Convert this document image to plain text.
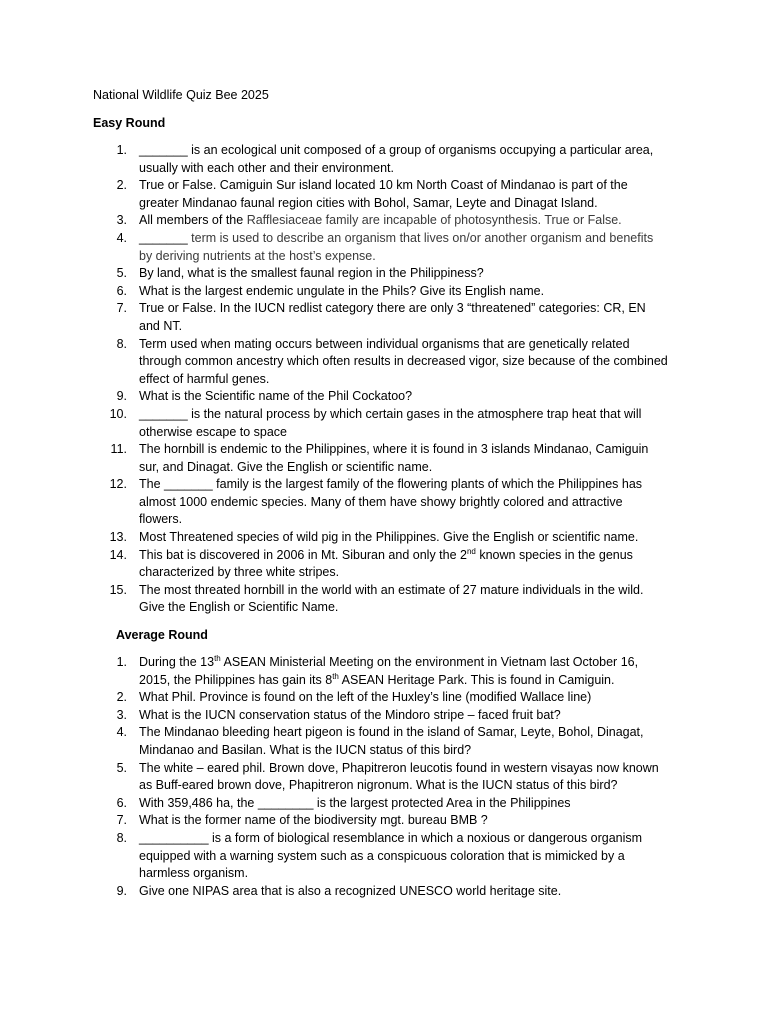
National Wildlife Quiz Bee 2025
Easy Round
1. _______ is an ecological unit composed of a group of organisms occupying a particular area, usually with each other and their environment.
2. True or False. Camiguin Sur island located 10 km North Coast of Mindanao is part of the greater Mindanao faunal region cities with Bohol, Samar, Leyte and Dinagat Island.
3. All members of the Rafflesiaceae family are incapable of photosynthesis. True or False.
4. _______ term is used to describe an organism that lives on/or another organism and benefits by deriving nutrients at the host’s expense.
5. By land, what is the smallest faunal region in the Philippiness?
6. What is the largest endemic ungulate in the Phils? Give its English name.
7. True or False. In the IUCN redlist category there are only 3 “threatened” categories: CR, EN and NT.
8. Term used when mating occurs between individual organisms that are genetically related through common ancestry which often results in decreased vigor, size because of the combined effect of harmful genes.
9. What is the Scientific name of the Phil Cockatoo?
10. _______ is the natural process by which certain gases in the atmosphere trap heat that will otherwise escape to space
11. The hornbill is endemic to the Philippines, where it is found in 3 islands Mindanao, Camiguin sur, and Dinagat. Give the English or scientific name.
12. The _______ family is the largest family of the flowering plants of which the Philippines has almost 1000 endemic species. Many of them have showy brightly colored and attractive flowers.
13. Most Threatened species of wild pig in the Philippines. Give the English or scientific name.
14. This bat is discovered in 2006 in Mt. Siburan and only the 2nd known species in the genus characterized by three white stripes.
15. The most threated hornbill in the world with an estimate of 27 mature individuals in the wild. Give the English or Scientific Name.
Average Round
1. During the 13th ASEAN Ministerial Meeting on the environment in Vietnam last October 16, 2015, the Philippines has gain its 8th ASEAN Heritage Park. This is found in Camiguin.
2. What Phil. Province is found on the left of the Huxley’s line (modified Wallace line)
3. What is the IUCN conservation status of the Mindoro stripe – faced fruit bat?
4. The Mindanao bleeding heart pigeon is found in the island of Samar, Leyte, Bohol, Dinagat, Mindanao and Basilan. What is the IUCN status of this bird?
5. The white – eared phil. Brown dove, Phapitreron leucotis found in western visayas now known as Buff-eared brown dove, Phapitreron nigronum. What is the IUCN status of this bird?
6. With 359,486 ha, the ________ is the largest protected Area in the Philippines
7. What is the former name of the biodiversity mgt. bureau BMB ?
8. __________ is a form of biological resemblance in which a noxious or dangerous organism equipped with a warning system such as a conspicuous coloration that is mimicked by a harmless organism.
9. Give one NIPAS area that is also a recognized UNESCO world heritage site.
